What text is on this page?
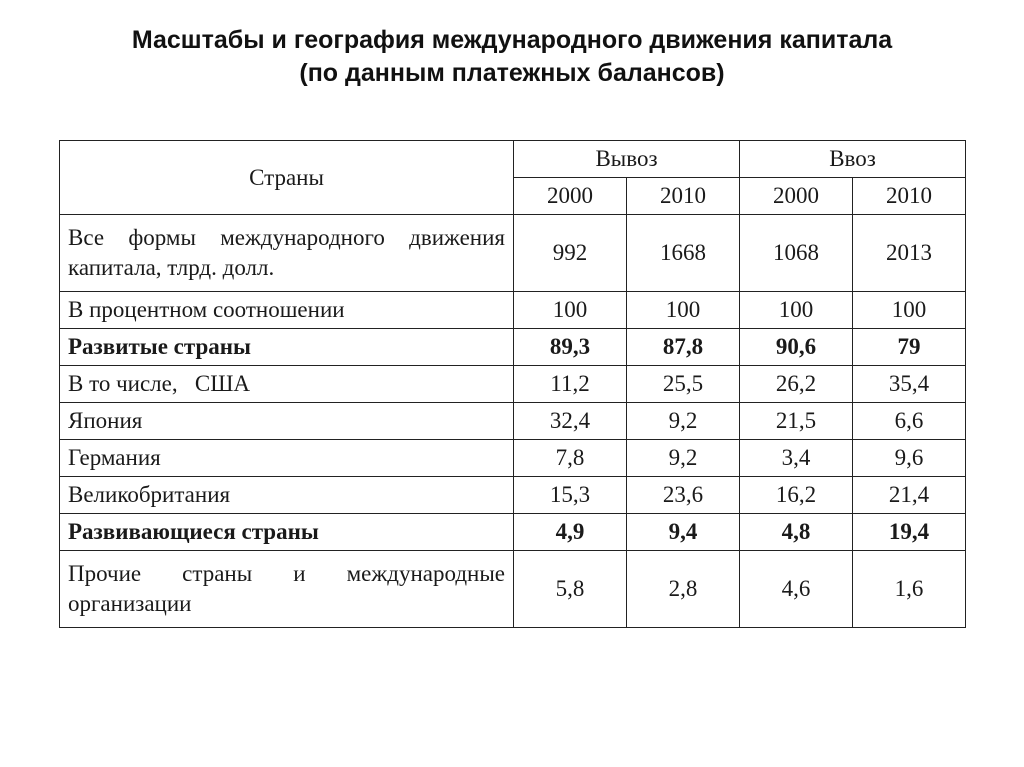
Масштабы и география международного движения капитала
(по данным платежных балансов)
Страны	Вывоз		Ввоз	
	2000	2010	2000	2010
Все формы международного движения капитала, тлрд. долл.	992	1668	1068	2013
В процентном соотношении	100	100	100	100
Развитые страны	89,3	87,8	90,6	79
В то числе,   США	11,2	25,5	26,2	35,4
Япония	32,4	9,2	21,5	6,6
Германия	7,8	9,2	3,4	9,6
Великобритания	15,3	23,6	16,2	21,4
Развивающиеся страны	4,9	9,4	4,8	19,4
Прочие страны и международные организации	5,8	2,8	4,6	1,6
